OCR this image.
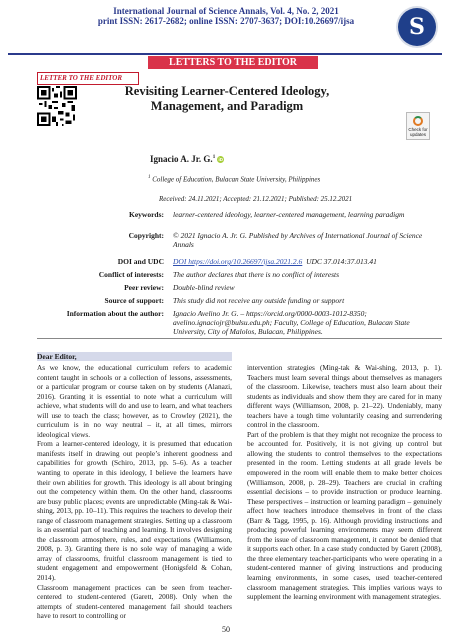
International Journal of Science Annals, Vol. 4, No. 2, 2021
print ISSN: 2617-2682; online ISSN: 2707-3637; DOI:10.26697/ijsa	S
LETTERS TO THE EDITOR
LETTER TO THE EDITOR
Revisiting Learner-Centered Ideology,
Management, and Paradigm
Check for updates
Ignacio A. Jr. G.$^1$ iD
$^1$ College of Education, Bulacan State University, Philippines
Received: 24.11.2021; Accepted: 21.12.2021; Published: 25.12.2021
Keywords: learner-centered ideology, learner-centered management, learning paradigm
Copyright: © 2021 Ignacio A. Jr. G. Published by Archives of International Journal of Science Annals
DOI and UDC DOI https://doi.org/10.26697/ijsa.2021.2.6 UDC 37.014:37.013.41
Conflict of interests: The author declares that there is no conflict of interests
Peer review: Double-blind review
Source of support: This study did not receive any outside funding or support
Information about the author: Ignacio Avelino Jr. G. – https://orcid.org/0000-0003-1012-8350; avelino.ignaciojr@bulsu.edu.ph; Faculty, College of Education, Bulacan State University, City of Malolos, Bulacan, Philippines.
Dear Editor,

As we know, the educational curriculum refers to academic content taught in schools or a collection of lessons, assessments, or a particular program or course taken on by students (Alanazi, 2016). Granting it is essential to note what a curriculum will achieve, what students will do and use to learn, and what teachers will use to teach the class; however, as to Crowley (2021), the curriculum is in no way neutral – it, at all times, mirrors ideological views.

From a learner-centered ideology, it is presumed that education manifests itself in drawing out people’s inherent goodness and capabilities for growth (Schiro, 2013, pp. 5–6). As a teacher wanting to operate in this ideology, I believe the learners have their own abilities for growth. This ideology is all about bringing out the competency within them. On the other hand, classrooms are busy public places; events are unpredictable (Ming-tak & Wai-shing, 2013, pp. 10–11). This requires the teachers to develop their range of classroom management strategies. Setting up a classroom is an essential part of teaching and learning. It involves designing the classroom atmosphere, rules, and expectations (Williamson, 2008, p. 3). Granting there is no sole way of managing a wide array of classrooms, fruitful classroom management is tied to student engagement and empowerment (Honigsfeld & Cohan, 2014).

Classroom management practices can be seen from teacher-centered to student-centered (Garett, 2008). Only when the attempts of student-centered management fail should teachers have to resort to controlling or

intervention strategies (Ming-tak & Wai-shing, 2013, p. 1). Teachers must learn several things about themselves as managers of the classroom. Likewise, teachers must also learn about their students as individuals and show them they are cared for in many different ways (Williamson, 2008, p. 21–22). Undeniably, many teachers have a tough time voluntarily ceasing and surrendering control in the classroom.

Part of the problem is that they might not recognize the process to be accounted for. Positively, it is not giving up control but allowing the students to control themselves to the expectations presented in the room. Letting students at all grade levels be empowered in the room will enable them to make better choices (Williamson, 2008, p. 28–29). Teachers are crucial in crafting essential decisions – to provide instruction or produce learning. These perspectives – instruction or learning paradigm – genuinely affect how teachers introduce themselves in front of the class (Barr & Tagg, 1995, p. 16). Although providing instructions and producing powerful learning environments may seem different from the issue of classroom management, it cannot be denied that it supports each other. In a case study conducted by Garett (2008), the three elementary teacher-participants who were operating in a student-centered manner of giving instructions and producing learning environments, in some cases, used teacher-centered classroom management strategies. This implies various ways to supplement the learning environment with management strategies.

50
